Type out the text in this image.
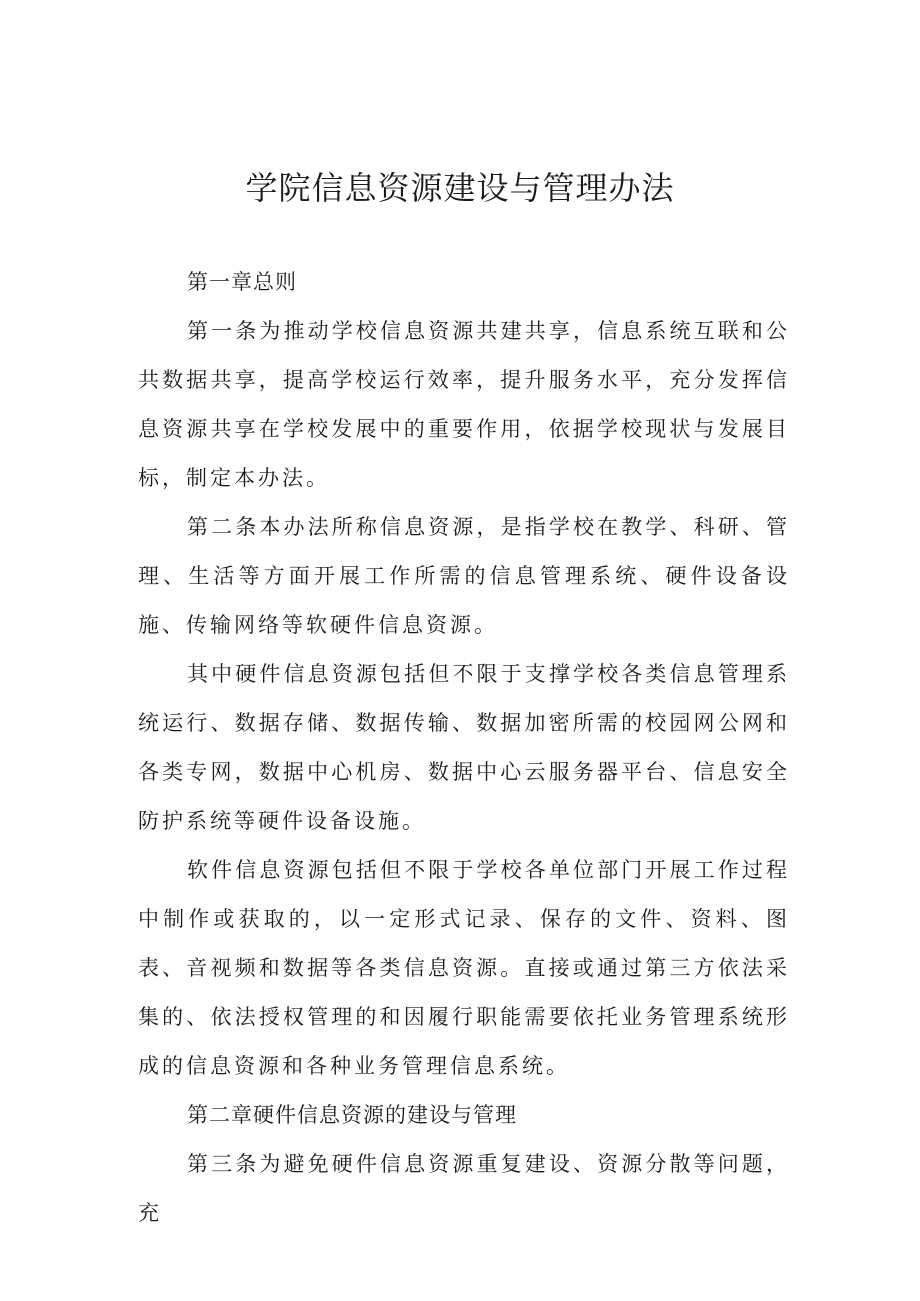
学院信息资源建设与管理办法

第一章总则

第一条为推动学校信息资源共建共享，信息系统互联和公共数据共享，提高学校运行效率，提升服务水平，充分发挥信息资源共享在学校发展中的重要作用，依据学校现状与发展目标，制定本办法。

第二条本办法所称信息资源，是指学校在教学、科研、管理、生活等方面开展工作所需的信息管理系统、硬件设备设施、传输网络等软硬件信息资源。

其中硬件信息资源包括但不限于支撑学校各类信息管理系统运行、数据存储、数据传输、数据加密所需的校园网公网和各类专网，数据中心机房、数据中心云服务器平台、信息安全防护系统等硬件设备设施。

软件信息资源包括但不限于学校各单位部门开展工作过程中制作或获取的，以一定形式记录、保存的文件、资料、图表、音视频和数据等各类信息资源。直接或通过第三方依法采集的、依法授权管理的和因履行职能需要依托业务管理系统形成的信息资源和各种业务管理信息系统。

第二章硬件信息资源的建设与管理

第三条为避免硬件信息资源重复建设、资源分散等问题，充
